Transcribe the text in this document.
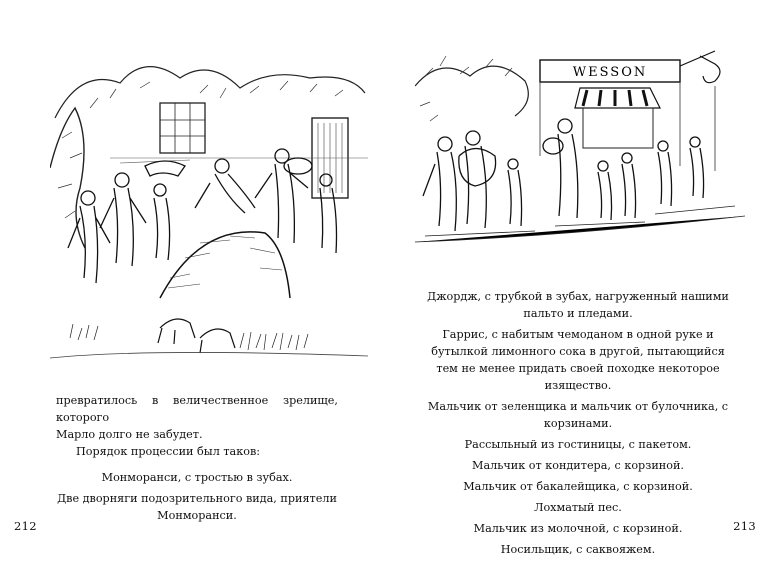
превратилось в величественное зрелище, которого

Марло долго не забудет.

Порядок процессии был таков:

Монморанси, с тростью в зубах.

Две дворняги подозрительного вида, приятели Монморанси.

212
WESSON

Джордж, с трубкой в зубах, нагруженный нашими пальто и пледами.

Гаррис, с набитым чемоданом в одной руке и бутылкой лимонного сока в другой, пытающийся тем не менее придать своей походке некоторое изящество.

Мальчик от зеленщика и мальчик от булочника, с корзинами.

Рассыльный из гостиницы, с пакетом.

Мальчик от кондитера, с корзиной.

Мальчик от бакалейщика, с корзиной.

Лохматый пес.

Мальчик из молочной, с корзиной.

Носильщик, с саквояжем.

213
